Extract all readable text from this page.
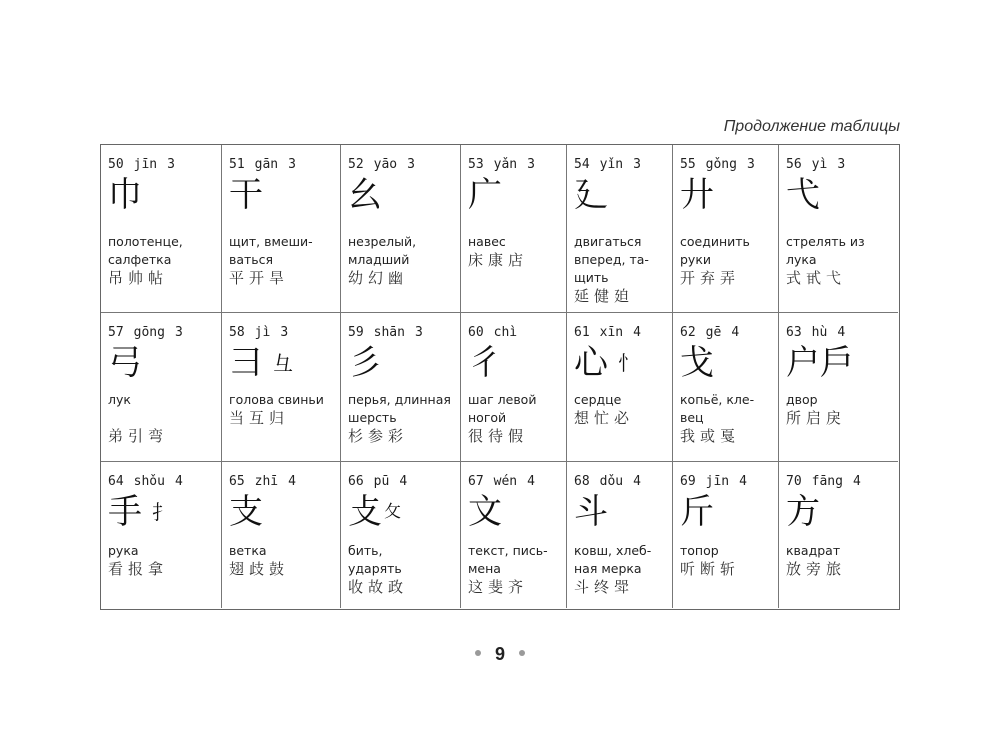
Продолжение таблицы
50 jīn 3
巾
полотенце,
салфетка
吊帅帖
51 gān 3
干
щит, вмеши-
ваться
平开旱
52 yāo 3
幺
незрелый,
младший
幼幻幽
53 yǎn 3
广
навес
床康店
54 yǐn 3
廴
двигаться
вперед, та-
щить
延健廹
55 gǒng 3
廾
соединить
руки
开弃弄
56 yì 3
弋
стрелять из
лука
式甙弋
57 gōng 3
弓
лук
弟引弯
58 jì 3
彐 彑
голова свиньи
当互归
59 shān 3
彡
перья, длинная
шерсть
杉参彩
60 chì
彳
шаг левой
ногой
很待假
61 xīn 4
心 忄
сердце
想忙必
62 gē 4
戈
копьё, кле-
вец
我或戛
63 hù 4
户 戶
двор
所启戾
64 shǒu 4
手 扌
рука
看报拿
65 zhī 4
支
ветка
翅歧鼓
66 pū 4
攴 攵
бить,
ударять
收故政
67 wén 4
文
текст, пись-
мена
这斐齐
68 dǒu 4
斗
ковш, хлеб-
ная мерка
斗终斝
69 jīn 4
斤
топор
听断斩
70 fāng 4
方
квадрат
放旁旅
9
